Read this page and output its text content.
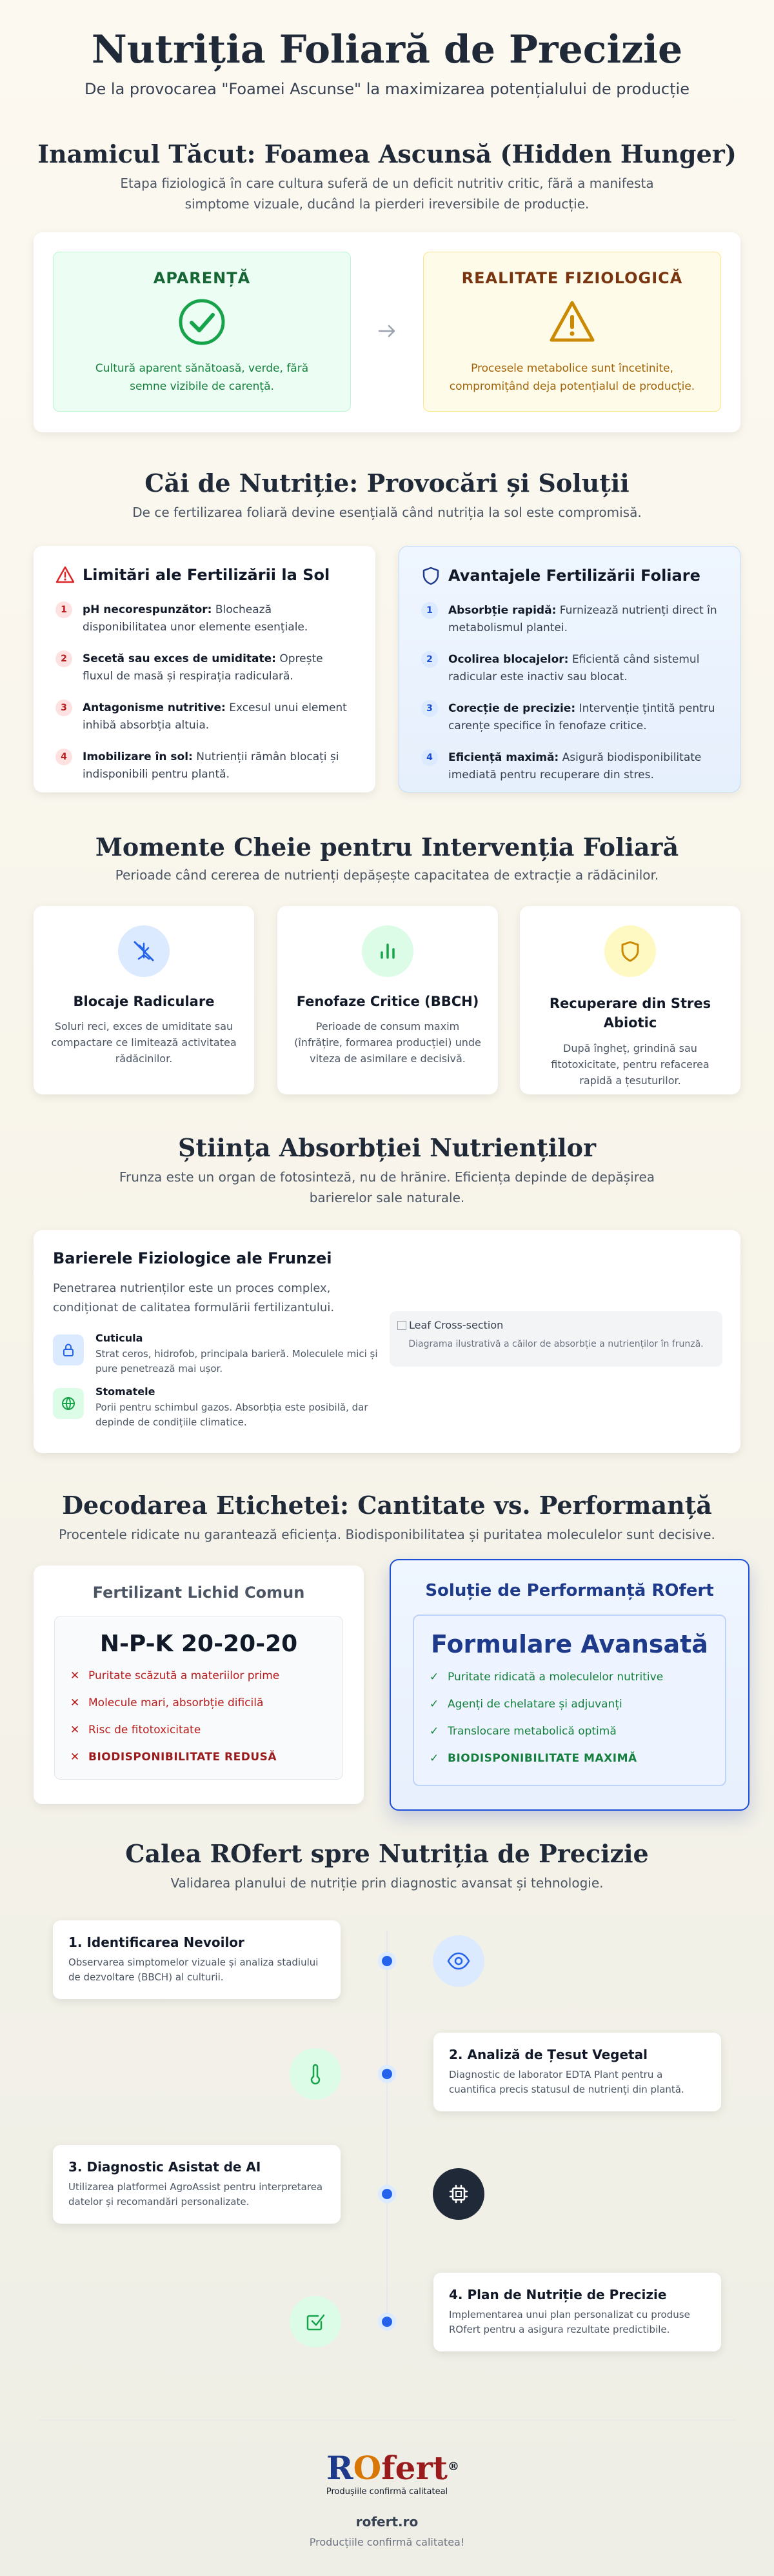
Nutriția Foliară de Precizie
De la provocarea "Foamei Ascunse" la maximizarea potențialului de producție
Inamicul Tăcut: Foamea Ascunsă (Hidden Hunger)
Etapa fiziologică în care cultura suferă de un deficit nutritiv critic, fără a manifesta simptome vizuale, ducând la pierderi ireversibile de producție.
APARENȚĂ
Cultură aparent sănătoasă, verde, fără semne vizibile de carență.
REALITATE FIZIOLOGICĂ
Procesele metabolice sunt încetinite, compromițând deja potențialul de producție.
Căi de Nutriție: Provocări și Soluții
De ce fertilizarea foliară devine esențială când nutriția la sol este compromisă.
Limitări ale Fertilizării la Sol
1	pH necorespunzător: Blochează disponibilitatea unor elemente esențiale.
2	Secetă sau exces de umiditate: Oprește fluxul de masă și respirația radiculară.
3	Antagonisme nutritive: Excesul unui element inhibă absorbția altuia.
4	Imobilizare în sol: Nutrienții rămân blocați și indisponibili pentru plantă.
Avantajele Fertilizării Foliare
1	Absorbție rapidă: Furnizează nutrienți direct în metabolismul plantei.
2	Ocolirea blocajelor: Eficientă când sistemul radicular este inactiv sau blocat.
3	Corecție de precizie: Intervenție țintită pentru carențe specifice în fenofaze critice.
4	Eficiență maximă: Asigură biodisponibilitate imediată pentru recuperare din stres.
Momente Cheie pentru Intervenția Foliară
Perioade când cererea de nutrienți depășește capacitatea de extracție a rădăcinilor.
Blocaje Radiculare
Soluri reci, exces de umiditate sau compactare ce limitează activitatea rădăcinilor.
Fenofaze Critice (BBCH)
Perioade de consum maxim (înfrățire, formarea producției) unde viteza de asimilare e decisivă.
Recuperare din Stres Abiotic
După îngheț, grindină sau fitotoxicitate, pentru refacerea rapidă a țesuturilor.
Știința Absorbției Nutrienților
Frunza este un organ de fotosinteză, nu de hrănire. Eficiența depinde de depășirea barierelor sale naturale.
Barierele Fiziologice ale Frunzei
Penetrarea nutrienților este un proces complex, condiționat de calitatea formulării fertilizantului.
Cuticula
Strat ceros, hidrofob, principala barieră. Moleculele mici și pure penetrează mai ușor.
Stomatele
Porii pentru schimbul gazos. Absorbția este posibilă, dar depinde de condițiile climatice.
Leaf Cross-section
Diagrama ilustrativă a căilor de absorbție a nutrienților în frunză.
Decodarea Etichetei: Cantitate vs. Performanță
Procentele ridicate nu garantează eficiența. Biodisponibilitatea și puritatea moleculelor sunt decisive.
Fertilizant Lichid Comun
N-P-K 20-20-20
✕ Puritate scăzută a materiilor prime
✕ Molecule mari, absorbție dificilă
✕ Risc de fitotoxicitate
✕ BIODISPONIBILITATE REDUSĂ
Soluție de Performanță ROfert
Formulare Avansată
✓ Puritate ridicată a moleculelor nutritive
✓ Agenți de chelatare și adjuvanți
✓ Translocare metabolică optimă
✓ BIODISPONIBILITATE MAXIMĂ
Calea ROfert spre Nutriția de Precizie
Validarea planului de nutriție prin diagnostic avansat și tehnologie.
1. Identificarea Nevoilor
Observarea simptomelor vizuale și analiza stadiului de dezvoltare (BBCH) al culturii.
2. Analiză de Țesut Vegetal
Diagnostic de laborator EDTA Plant pentru a cuantifica precis statusul de nutrienți din plantă.
3. Diagnostic Asistat de AI
Utilizarea platformei AgroAssist pentru interpretarea datelor și recomandări personalizate.
4. Plan de Nutriție de Precizie
Implementarea unui plan personalizat cu produse ROfert pentru a asigura rezultate predictibile.
ROfert ®
Produșiile confirmă calitateal
rofert.ro
Producțiile confirmă calitatea!
